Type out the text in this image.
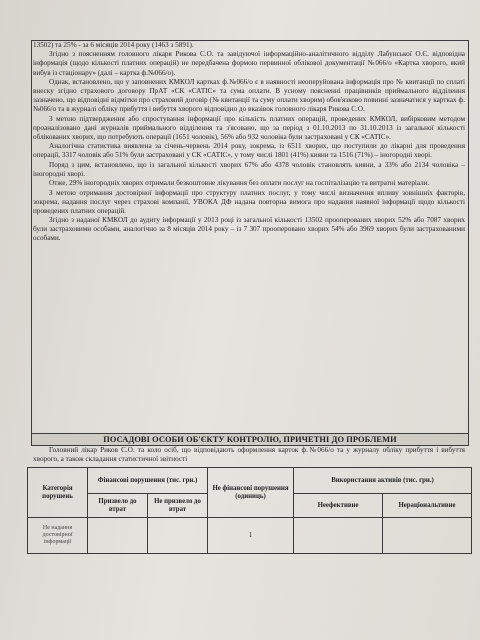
13502) та 25% - за 6 місяців 2014 року (1463 з 5891).

Згідно з поясненням головного лікаря Рикова С.О. та завідуючої інформаційно-аналітичного відділу Лабунської О.Є. відповідна інформація (щодо кількості платних операцій) не передбачена формою первинної облікової документації №066/о «Картка хворого, який вибув із стаціонару» (далі – картка ф.№066/о).

Однак, встановлено, що у заповнених КМКОЛ картках ф.№066/о є в наявності неоперуйована інформація про № квитанції по сплаті внеску згідно страхового договору ПрАТ «СК «САТІС» та сума оплати. В усному поясненні працівників приймального відділення зазначено, що відповідні відмітки про страховий договір (№ квитанції та суму оплати хворим) обов'язково повинні зазначатися у картках ф.№066/о та в журналі обліку прибуття і вибуття хворого відповідно до вказівок головного лікаря Рикова С.О.

З метою підтвердження або спростування інформації про кількість платних операцій, проведених КМКОЛ, вибірковим методом проаналізовано дані журналів приймального відділення та з'ясовано, що за період з 01.10.2013 по 31.10.2013 із загальної кількості облікованих хворих, що потребують операції (1651 чоловік), 56% або 932 чоловіка були застраховані у СК «САТІС».

Аналогічна статистика виявлена за січень-червень 2014 року, зокрема, із 6511 хворих, що поступили до лікарні для проведення операції, 3317 чоловік або 51% були застраховані у СК «САТІС», у тому числі 1801 (41%) кияни та 1516 (71%) – іногородні хворі.

Поряд з цим, встановлено, що із загальної кількості хворих 67% або 4378 чоловік становлять кияни, а 33% або 2134 чоловіка – іногородні хворі.

Отже, 29% іногородніх хворих отримали безкоштовне лікування без оплати послуг на госпіталізацію та витратні матеріали.

З метою отримання достовірної інформації про структуру платних послуг, у тому числі визначення впливу зовнішніх факторів, зокрема, надання послуг через страхові компанії, УВОКА ДФ надана повторна вимога про надання наявної інформації щодо кількості проведених платних операцій.

Згідно з наданої КМКОЛ до аудиту інформації у 2013 році із загальної кількості 13502 прооперованих хворих 52% або 7087 хворих були застраховими особами, аналогічно за 8 місяців 2014 року – із 7 307 прооперовано хворих 54% або 3969 хворих були застрахованими особами.

ПОСАДОВІ ОСОБИ ОБ'ЄКТУ КОНТРОЛЮ, ПРИЧЕТНІ ДО ПРОБЛЕМИ

Головний лікар Риков С.О. та коло осіб, що відповідають оформлення карток ф.№066/о та у журналу обліку прибуття і вибуття хворого, а також складання статистичної звітності

Категорія порушень	Фінансові порушення (тис. грн.)		Не фінансові порушення (одиниць)	Використання активів (тис. грн.)	
	Призвело до втрат	Не призвело до втрат		Неефективне	Нераціональтивне
Не надання достовірної інформації			1		
